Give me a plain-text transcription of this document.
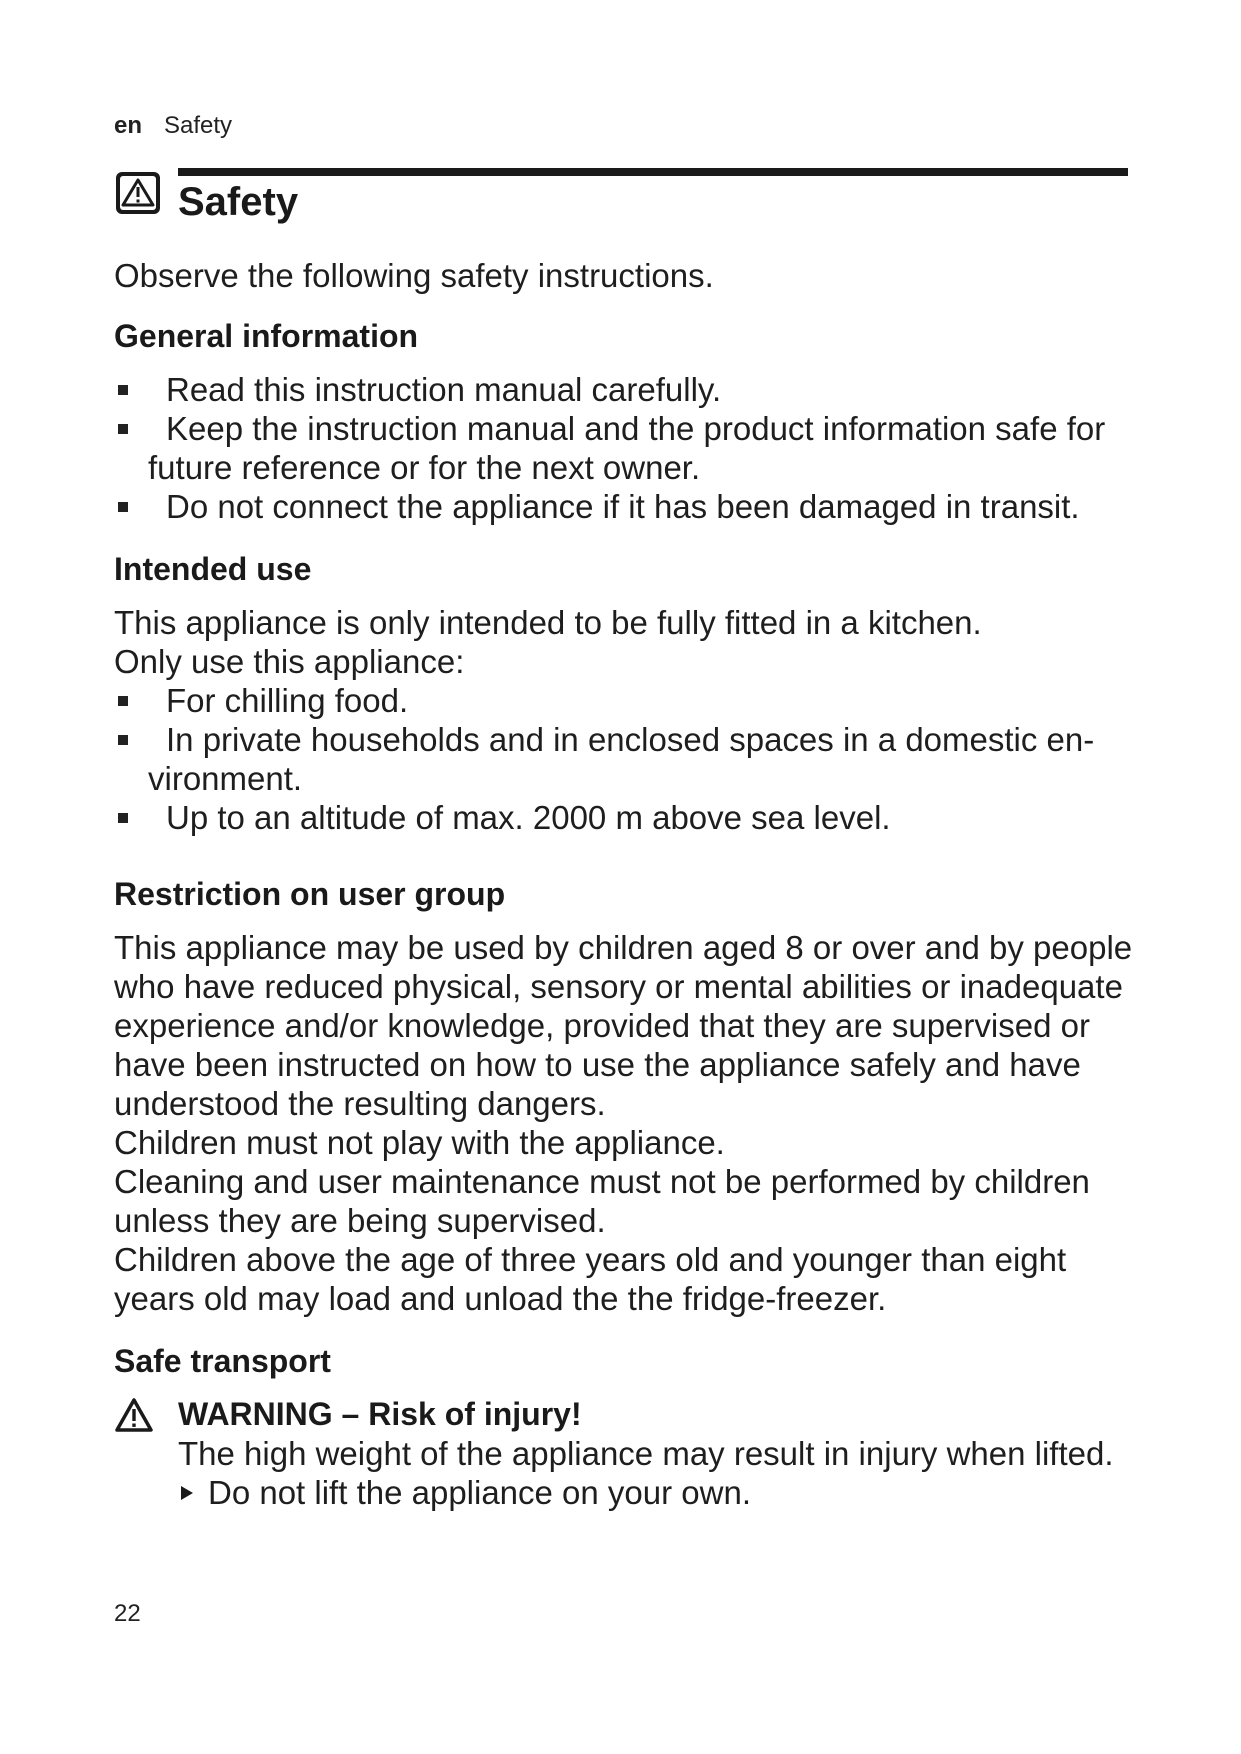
en Safety
Safety

Observe the following safety instructions.

General information
Read this instruction manual carefully.
Keep the instruction manual and the product information safe for future reference or for the next owner.
Do not connect the appliance if it has been damaged in transit.
Intended use

This appliance is only intended to be fully fitted in a kitchen.

Only use this appliance:

For chilling food.
In private households and in enclosed spaces in a domestic environment.
Up to an altitude of max. 2000 m above sea level.
Restriction on user group

This appliance may be used by children aged 8 or over and by people who have reduced physical, sensory or mental abilities or inadequate experience and/or knowledge, provided that they are supervised or have been instructed on how to use the appliance safely and have understood the resulting dangers.

Children must not play with the appliance.

Cleaning and user maintenance must not be performed by children unless they are being supervised.

Children above the age of three years old and younger than eight years old may load and unload the the fridge-freezer.

Safe transport
WARNING – Risk of injury!

The high weight of the appliance may result in injury when lifted.

Do not lift the appliance on your own.

22
